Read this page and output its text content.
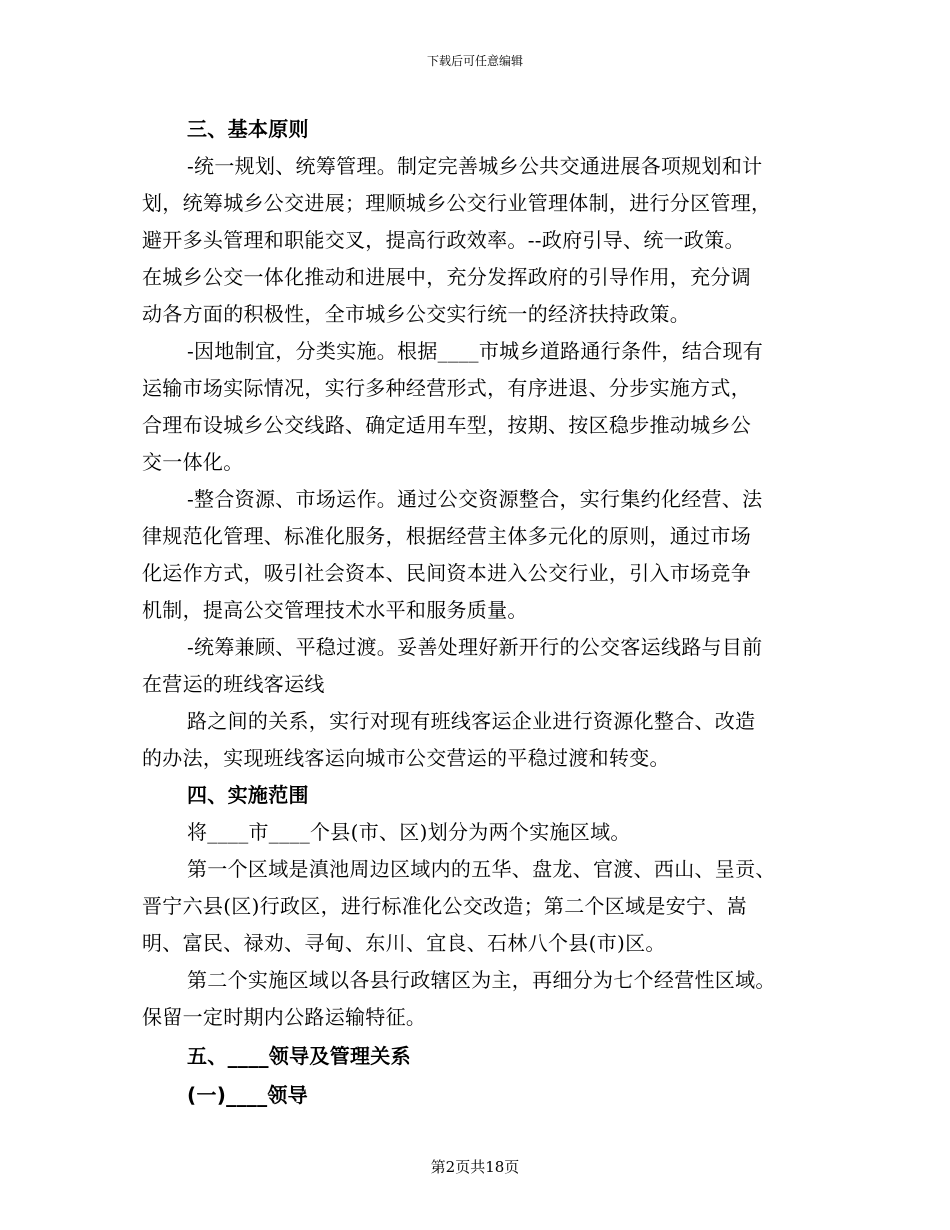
下载后可任意编辑
三、基本原则
-统一规划、统筹管理。制定完善城乡公共交通进展各项规划和计
划，统筹城乡公交进展；理顺城乡公交行业管理体制，进行分区管理，
避开多头管理和职能交叉，提高行政效率。--政府引导、统一政策。
在城乡公交一体化推动和进展中，充分发挥政府的引导作用，充分调
动各方面的积极性，全市城乡公交实行统一的经济扶持政策。
-因地制宜，分类实施。根据____市城乡道路通行条件，结合现有
运输市场实际情况，实行多种经营形式，有序进退、分步实施方式，
合理布设城乡公交线路、确定适用车型，按期、按区稳步推动城乡公
交一体化。
-整合资源、市场运作。通过公交资源整合，实行集约化经营、法
律规范化管理、标准化服务，根据经营主体多元化的原则，通过市场
化运作方式，吸引社会资本、民间资本进入公交行业，引入市场竞争
机制，提高公交管理技术水平和服务质量。
-统筹兼顾、平稳过渡。妥善处理好新开行的公交客运线路与目前
在营运的班线客运线
路之间的关系，实行对现有班线客运企业进行资源化整合、改造
的办法，实现班线客运向城市公交营运的平稳过渡和转变。
四、实施范围
将____市____个县(市、区)划分为两个实施区域。
第一个区域是滇池周边区域内的五华、盘龙、官渡、西山、呈贡、
晋宁六县(区)行政区，进行标准化公交改造；第二个区域是安宁、嵩
明、富民、禄劝、寻甸、东川、宜良、石林八个县(市)区。
第二个实施区域以各县行政辖区为主，再细分为七个经营性区域。
保留一定时期内公路运输特征。
五、____领导及管理关系
(一)____领导
第2页共18页
